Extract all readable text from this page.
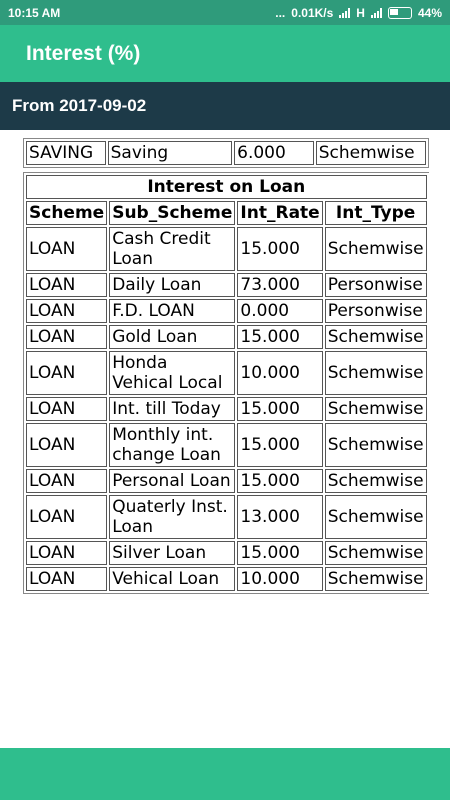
10:15 AM	... 0.01K/s H	44%
Interest (%)
From 2017-09-02
SAVING	Saving	6.000	Schemwise
Interest on Loan			
Scheme	Sub_Scheme	Int_Rate	Int_Type
LOAN	Cash Credit Loan	15.000	Schemwise
LOAN	Daily Loan	73.000	Personwise
LOAN	F.D. LOAN	0.000	Personwise
LOAN	Gold Loan	15.000	Schemwise
LOAN	Honda Vehical Local	10.000	Schemwise
LOAN	Int. till Today	15.000	Schemwise
LOAN	Monthly int. change Loan	15.000	Schemwise
LOAN	Personal Loan	15.000	Schemwise
LOAN	Quaterly Inst. Loan	13.000	Schemwise
LOAN	Silver Loan	15.000	Schemwise
LOAN	Vehical Loan	10.000	Schemwise
